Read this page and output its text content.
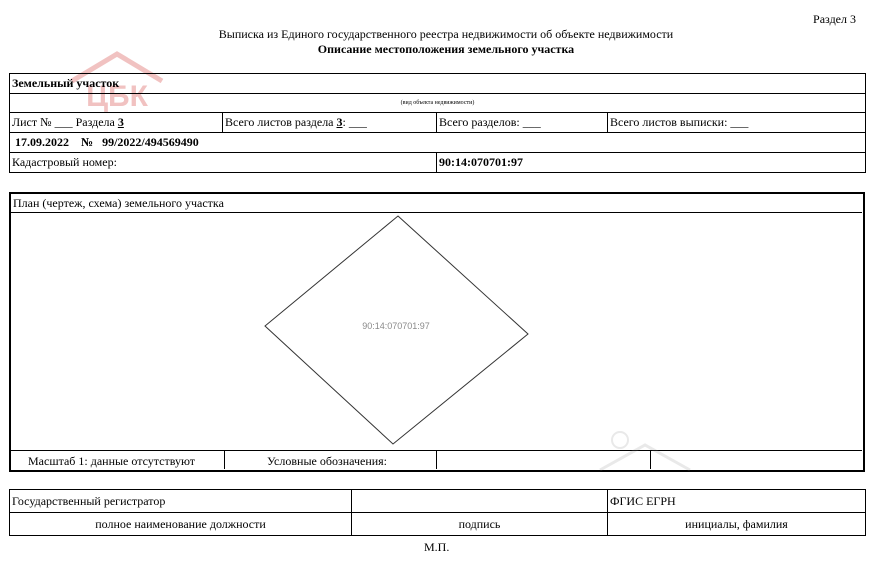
Раздел 3
Выписка из Единого государственного реестра недвижимости об объекте недвижимости
Описание местоположения земельного участка
ЦБК
Земельный участок			
(вид объекта недвижимости)			
Лист № ___ Раздела 3	Всего листов раздела 3: ___	Всего разделов: ___	Всего листов выписки: ___
17.09.2022 № 99/2022/494569490			
Кадастровый номер:		90:14:070701:97	
План (чертеж, схема) земельного участка
90:14:070701:97
Масштаб 1: данные отсутствуют	Условные обозначения:
Государственный регистратор		ФГИС ЕГРН
полное наименование должности	подпись	инициалы, фамилия
М.П.
